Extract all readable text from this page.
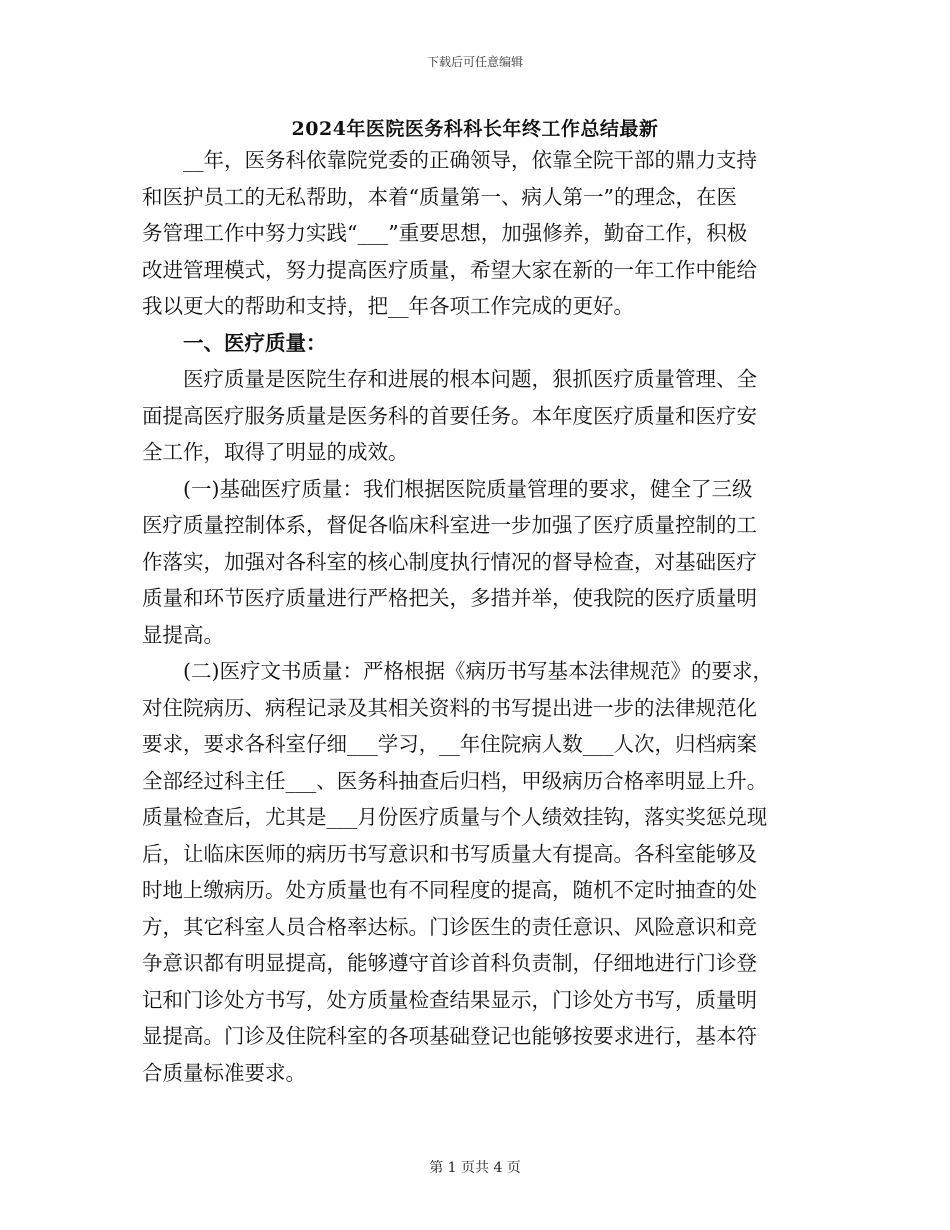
下载后可任意编辑
2024年医院医务科科长年终工作总结最新
__年，医务科依靠院党委的正确领导，依靠全院干部的鼎力支持
和医护员工的无私帮助，本着“质量第一、病人第一”的理念，在医
务管理工作中努力实践“___”重要思想，加强修养，勤奋工作，积极
改进管理模式，努力提高医疗质量，希望大家在新的一年工作中能给
我以更大的帮助和支持，把__年各项工作完成的更好。
一、医疗质量：
医疗质量是医院生存和进展的根本问题，狠抓医疗质量管理、全
面提高医疗服务质量是医务科的首要任务。本年度医疗质量和医疗安
全工作，取得了明显的成效。
(一)基础医疗质量：我们根据医院质量管理的要求，健全了三级
医疗质量控制体系，督促各临床科室进一步加强了医疗质量控制的工
作落实，加强对各科室的核心制度执行情况的督导检查，对基础医疗
质量和环节医疗质量进行严格把关，多措并举，使我院的医疗质量明
显提高。
(二)医疗文书质量：严格根据《病历书写基本法律规范》的要求，
对住院病历、病程记录及其相关资料的书写提出进一步的法律规范化
要求，要求各科室仔细___学习，__年住院病人数___人次，归档病案
全部经过科主任___、医务科抽查后归档，甲级病历合格率明显上升。
质量检查后，尤其是___月份医疗质量与个人绩效挂钩，落实奖惩兑现
后，让临床医师的病历书写意识和书写质量大有提高。各科室能够及
时地上缴病历。处方质量也有不同程度的提高，随机不定时抽查的处
方，其它科室人员合格率达标。门诊医生的责任意识、风险意识和竞
争意识都有明显提高，能够遵守首诊首科负责制，仔细地进行门诊登
记和门诊处方书写，处方质量检查结果显示，门诊处方书写，质量明
显提高。门诊及住院科室的各项基础登记也能够按要求进行，基本符
合质量标准要求。
第 1 页共 4 页
